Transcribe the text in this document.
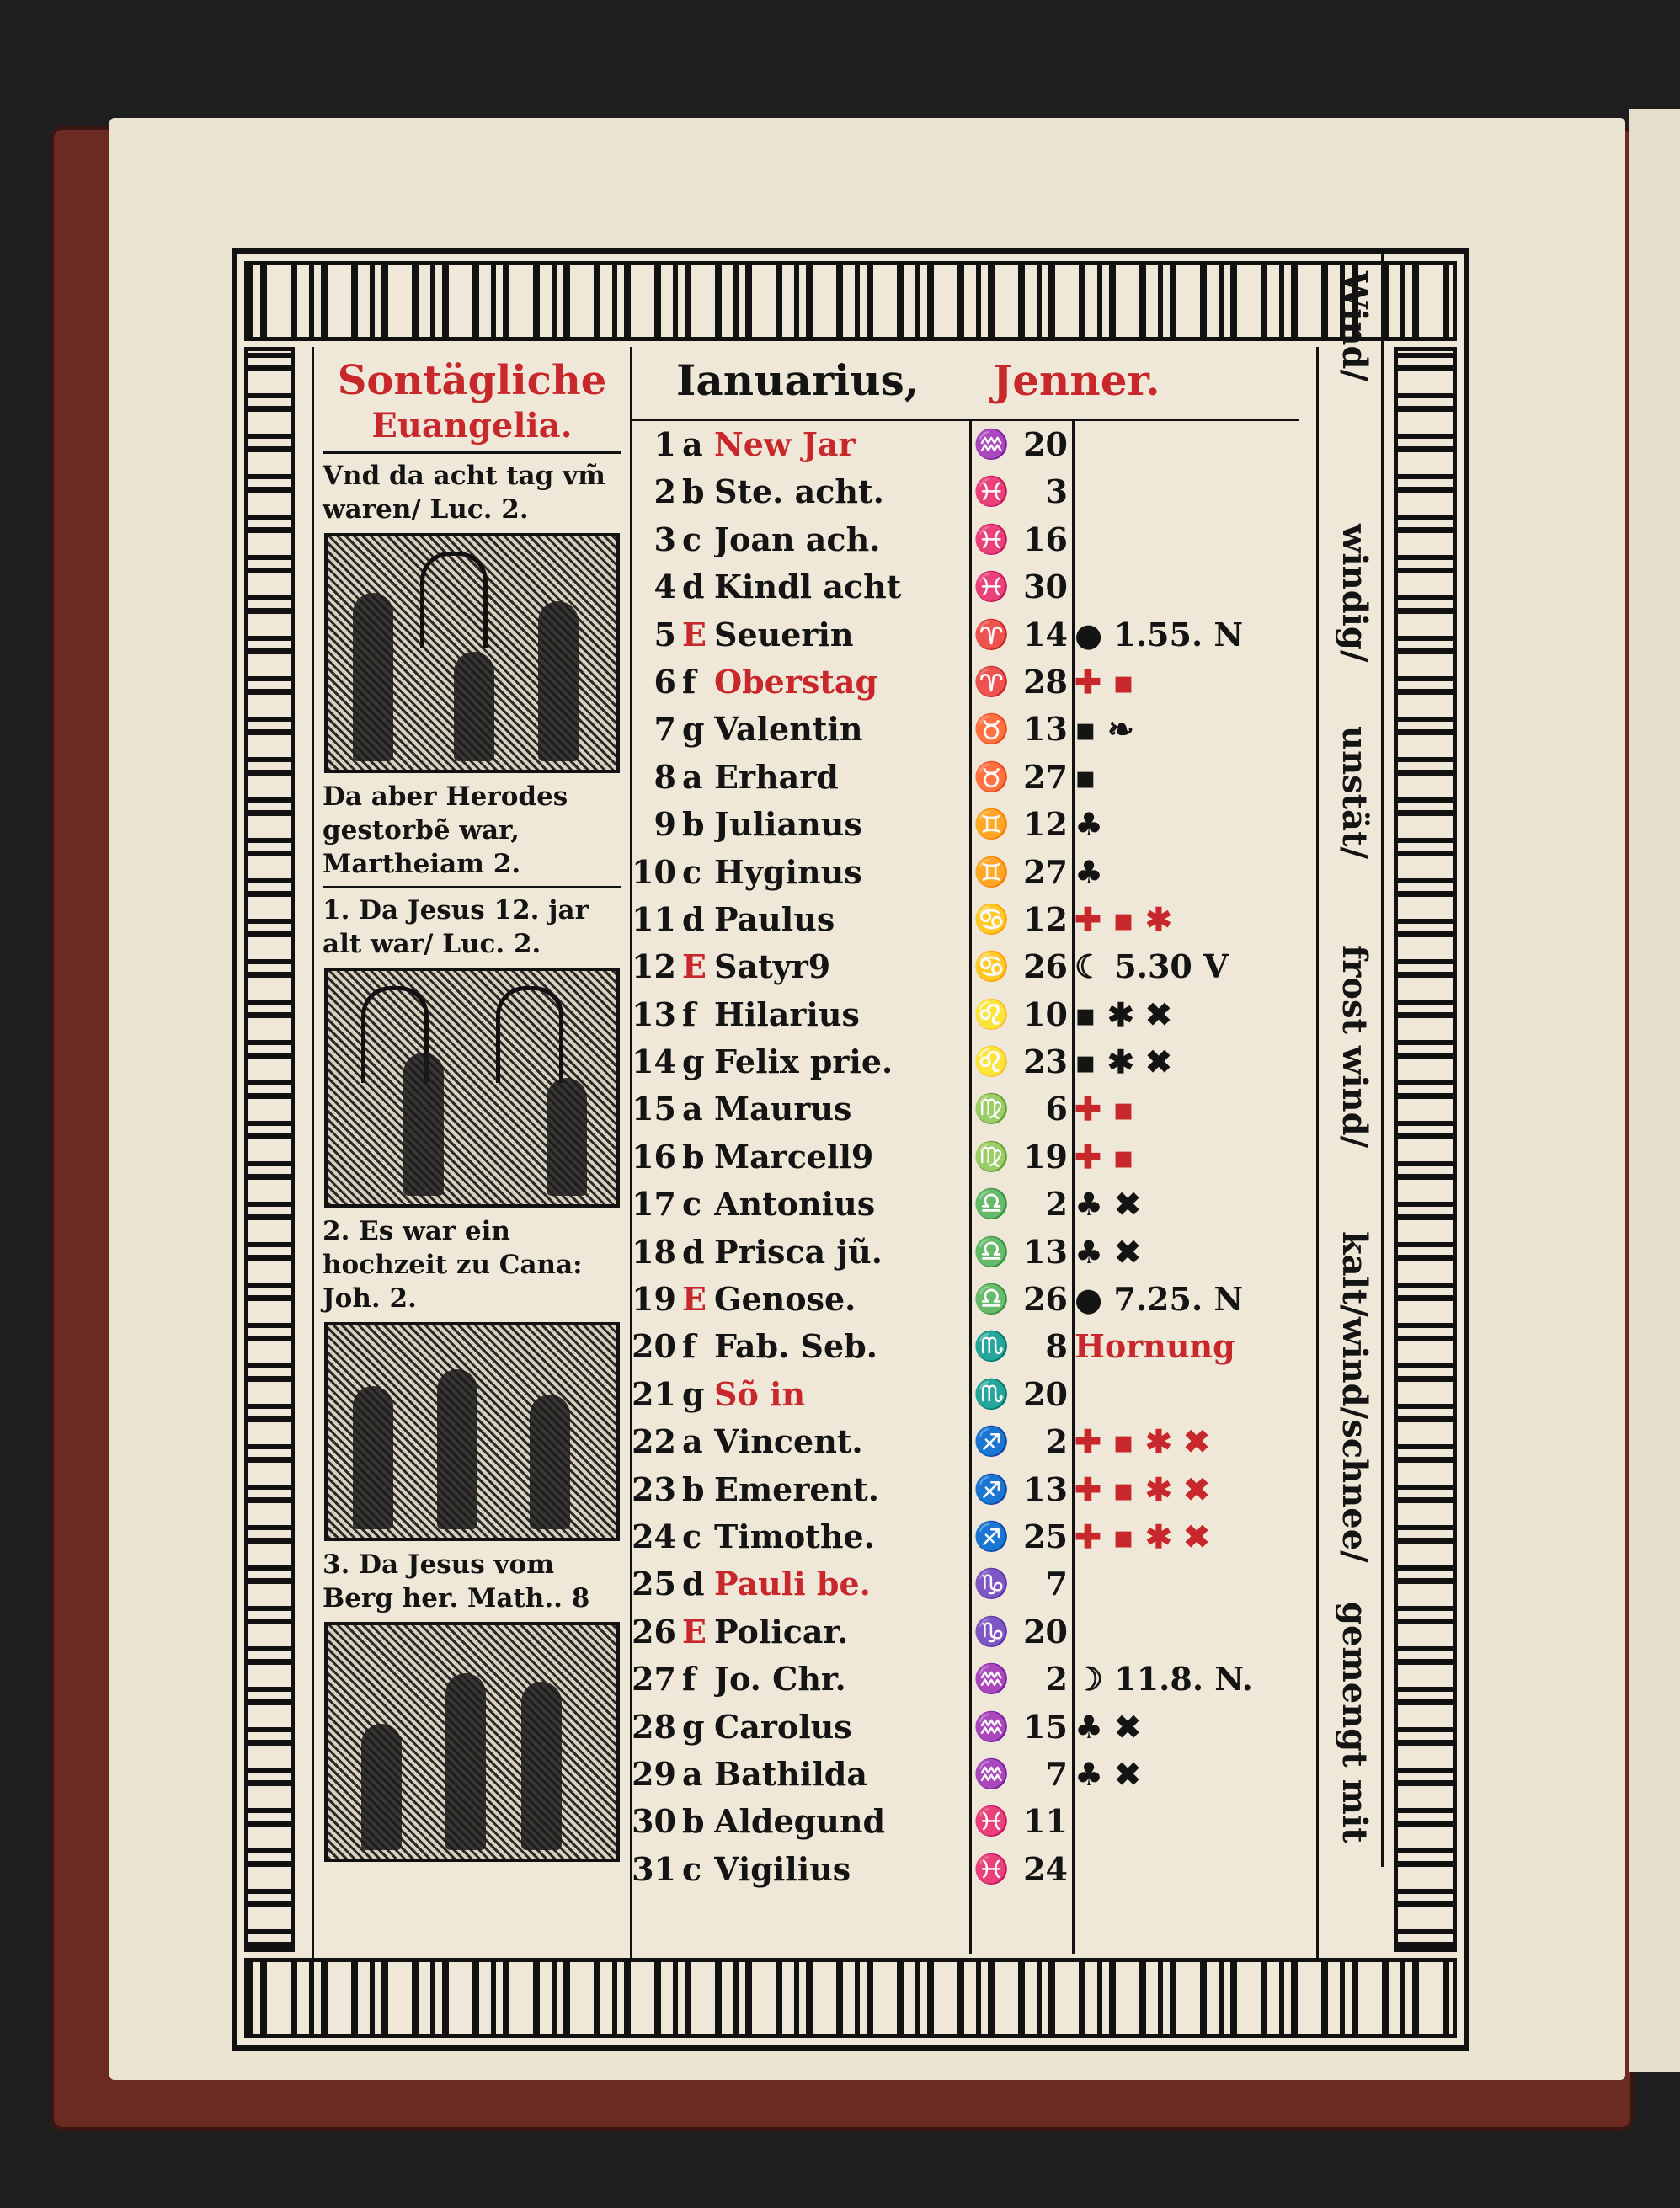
Sontägliche
Euangelia.
Vnd da acht tag vm̃ waren/ Luc. 2.
Da aber Herodes gestorbẽ war, Martheiam 2.
1. Da Jesus 12. jar alt war/ Luc. 2.
2. Es war ein hochzeit zu Cana: Joh. 2.
3. Da Jesus vom Berg her. Math.. 8
Ianuarius, Jenner.
1 a New Jar	♒ 20
2 b Ste. acht.	♓	3
3 c Joan ach.	♓ 16
4 d Kindl acht	♓ 30
5 E Seuerin	♈ 14 ● 1.55. N
6 f Oberstag	♈ 28 ✚ ▪
7 g Valentin	♉ 13 ▪ ❧
8 a Erhard	♉ 27 ▪
9 b Julianus	♊ 12 ♣
10 c Hyginus	♊ 27 ♣
11 d Paulus	♋ 12 ✚ ▪ ✱
12 E Satyr9	♋ 26 ☾ 5.30 V
13 f Hilarius	♌ 10 ▪ ✱ ✖
14 g Felix prie.	♌ 23 ▪ ✱ ✖
15 a Maurus	♍	6 ✚ ▪
16 b Marcell9	♍ 19 ✚ ▪
17 c Antonius	♎	2 ♣ ✖
18 d Prisca jũ.	♎ 13 ♣ ✖
19 E Genose.	♎ 26 ● 7.25. N
20 f Fab. Seb.	♏	8 Hornung
21 g Sõ in	♏ 20
22 a Vincent.	♐	2 ✚ ▪ ✱ ✖
23 b Emerent.	♐ 13 ✚ ▪ ✱ ✖
24 c Timothe.	♐ 25 ✚ ▪ ✱ ✖
25 d Pauli be.	♑	7
26 E Policar.	♑ 20
27 f Jo. Chr.	♒	2 ☽ 11.8. N.
28 g Carolus	♒ 15 ♣ ✖
29 a Bathilda	♒	7 ♣ ✖
30 b Aldegund	♓ 11
31 c Vigilius	♓ 24
Wind/
windig/
unstät/
frost wind/
kalt/wind/schnee/
gemengt mit
